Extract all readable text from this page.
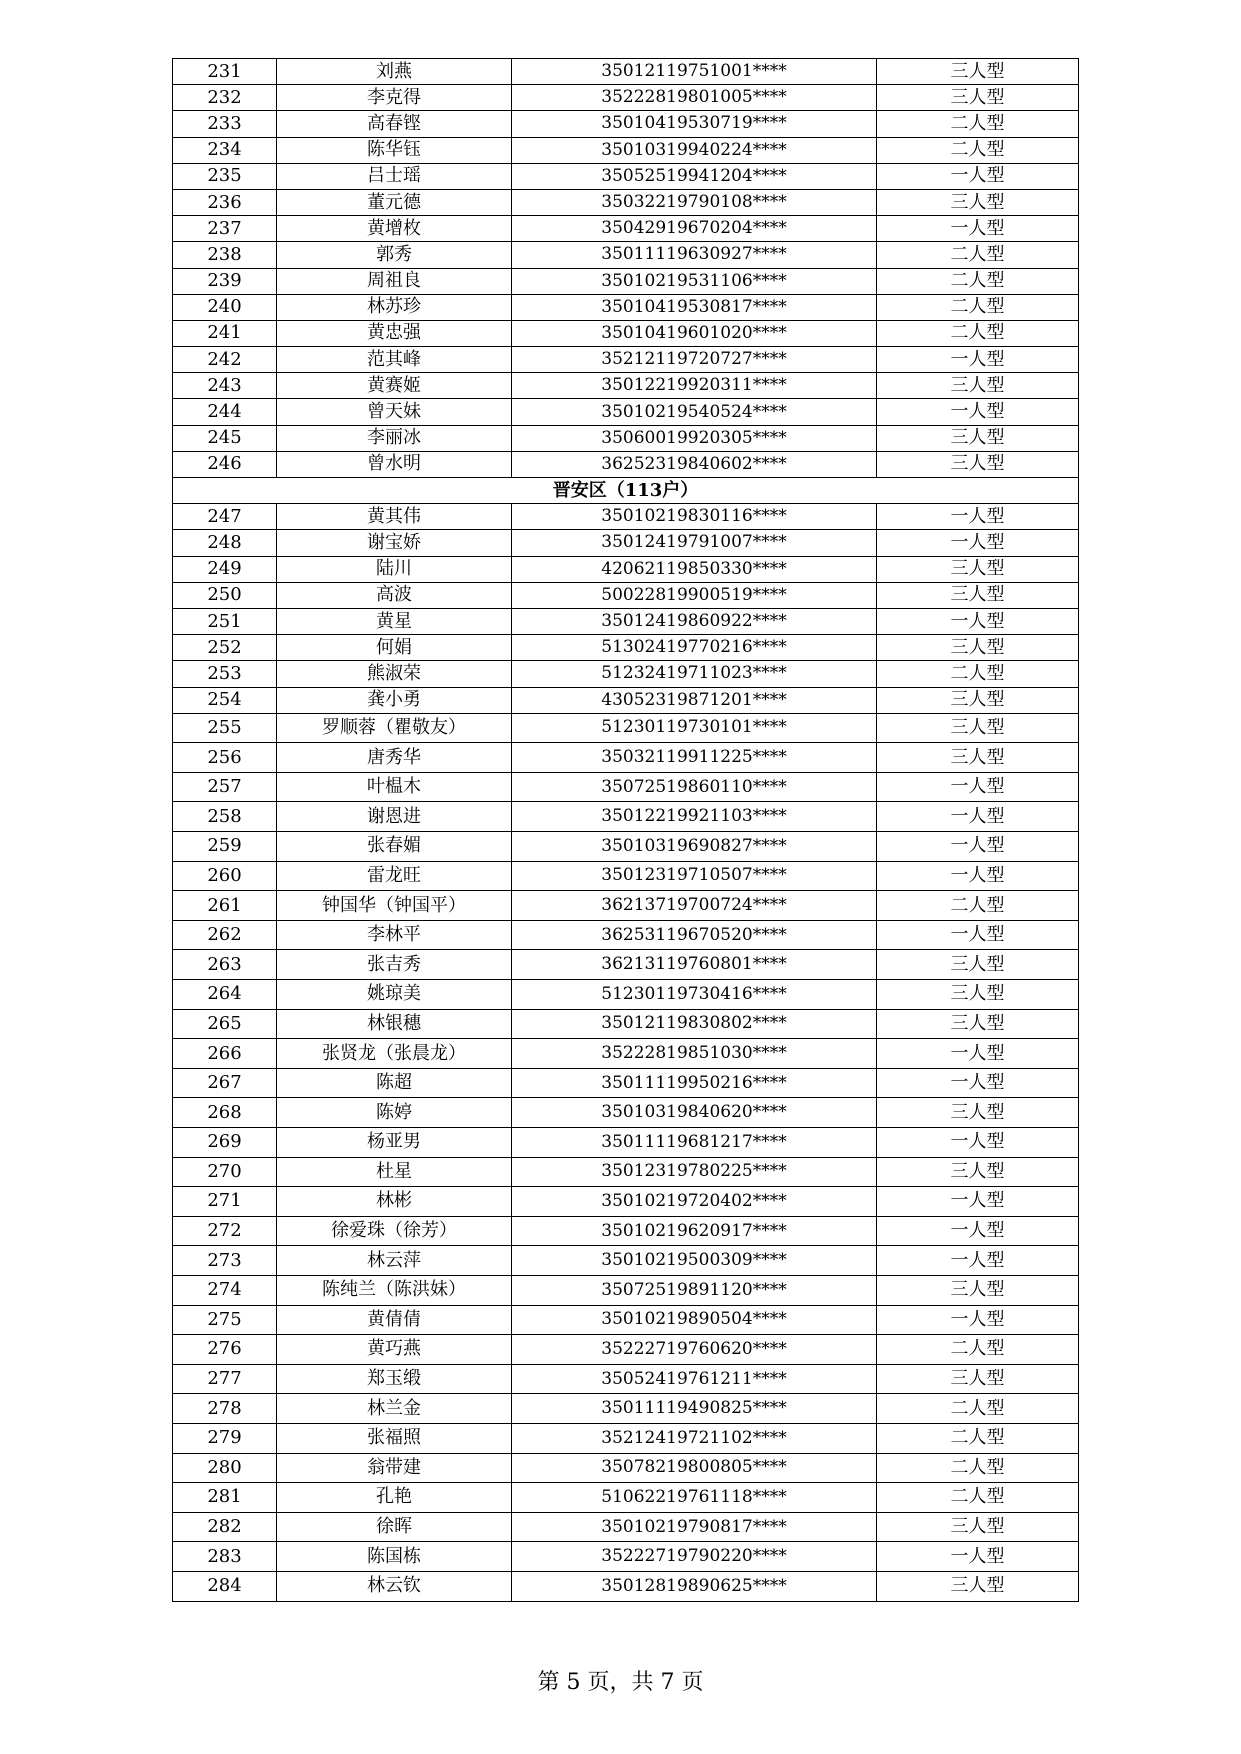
231	刘燕	35012119751001****	三人型
232	李克得	35222819801005****	三人型
233	高春铿	35010419530719****	二人型
234	陈华钰	35010319940224****	二人型
235	吕士瑶	35052519941204****	一人型
236	董元德	35032219790108****	三人型
237	黄增枚	35042919670204****	一人型
238	郭秀	35011119630927****	二人型
239	周祖良	35010219531106****	二人型
240	林苏珍	35010419530817****	二人型
241	黄忠强	35010419601020****	二人型
242	范其峰	35212119720727****	一人型
243	黄赛姬	35012219920311****	三人型
244	曾天妹	35010219540524****	一人型
245	李丽冰	35060019920305****	三人型
246	曾水明	36252319840602****	三人型
晋安区（113户）			
247	黄其伟	35010219830116****	一人型
248	谢宝娇	35012419791007****	一人型
249	陆川	42062119850330****	三人型
250	高波	50022819900519****	三人型
251	黄星	35012419860922****	一人型
252	何娟	51302419770216****	三人型
253	熊淑荣	51232419711023****	二人型
254	龚小勇	43052319871201****	三人型
255	罗顺蓉（瞿敬友）	51230119730101****	三人型
256	唐秀华	35032119911225****	三人型
257	叶榅木	35072519860110****	一人型
258	谢恩进	35012219921103****	一人型
259	张春媚	35010319690827****	一人型
260	雷龙旺	35012319710507****	一人型
261	钟国华（钟国平）	36213719700724****	二人型
262	李林平	36253119670520****	一人型
263	张吉秀	36213119760801****	三人型
264	姚琼美	51230119730416****	三人型
265	林银穗	35012119830802****	三人型
266	张贤龙（张晨龙）	35222819851030****	一人型
267	陈超	35011119950216****	一人型
268	陈婷	35010319840620****	三人型
269	杨亚男	35011119681217****	一人型
270	杜星	35012319780225****	三人型
271	林彬	35010219720402****	一人型
272	徐爱珠（徐芳）	35010219620917****	一人型
273	林云萍	35010219500309****	一人型
274	陈纯兰（陈洪妹）	35072519891120****	三人型
275	黄倩倩	35010219890504****	一人型
276	黄巧燕	35222719760620****	二人型
277	郑玉缎	35052419761211****	三人型
278	林兰金	35011119490825****	二人型
279	张福照	35212419721102****	二人型
280	翁带建	35078219800805****	二人型
281	孔艳	51062219761118****	二人型
282	徐晖	35010219790817****	三人型
283	陈国栋	35222719790220****	一人型
284	林云钦	35012819890625****	三人型
第 5 页，共 7 页
